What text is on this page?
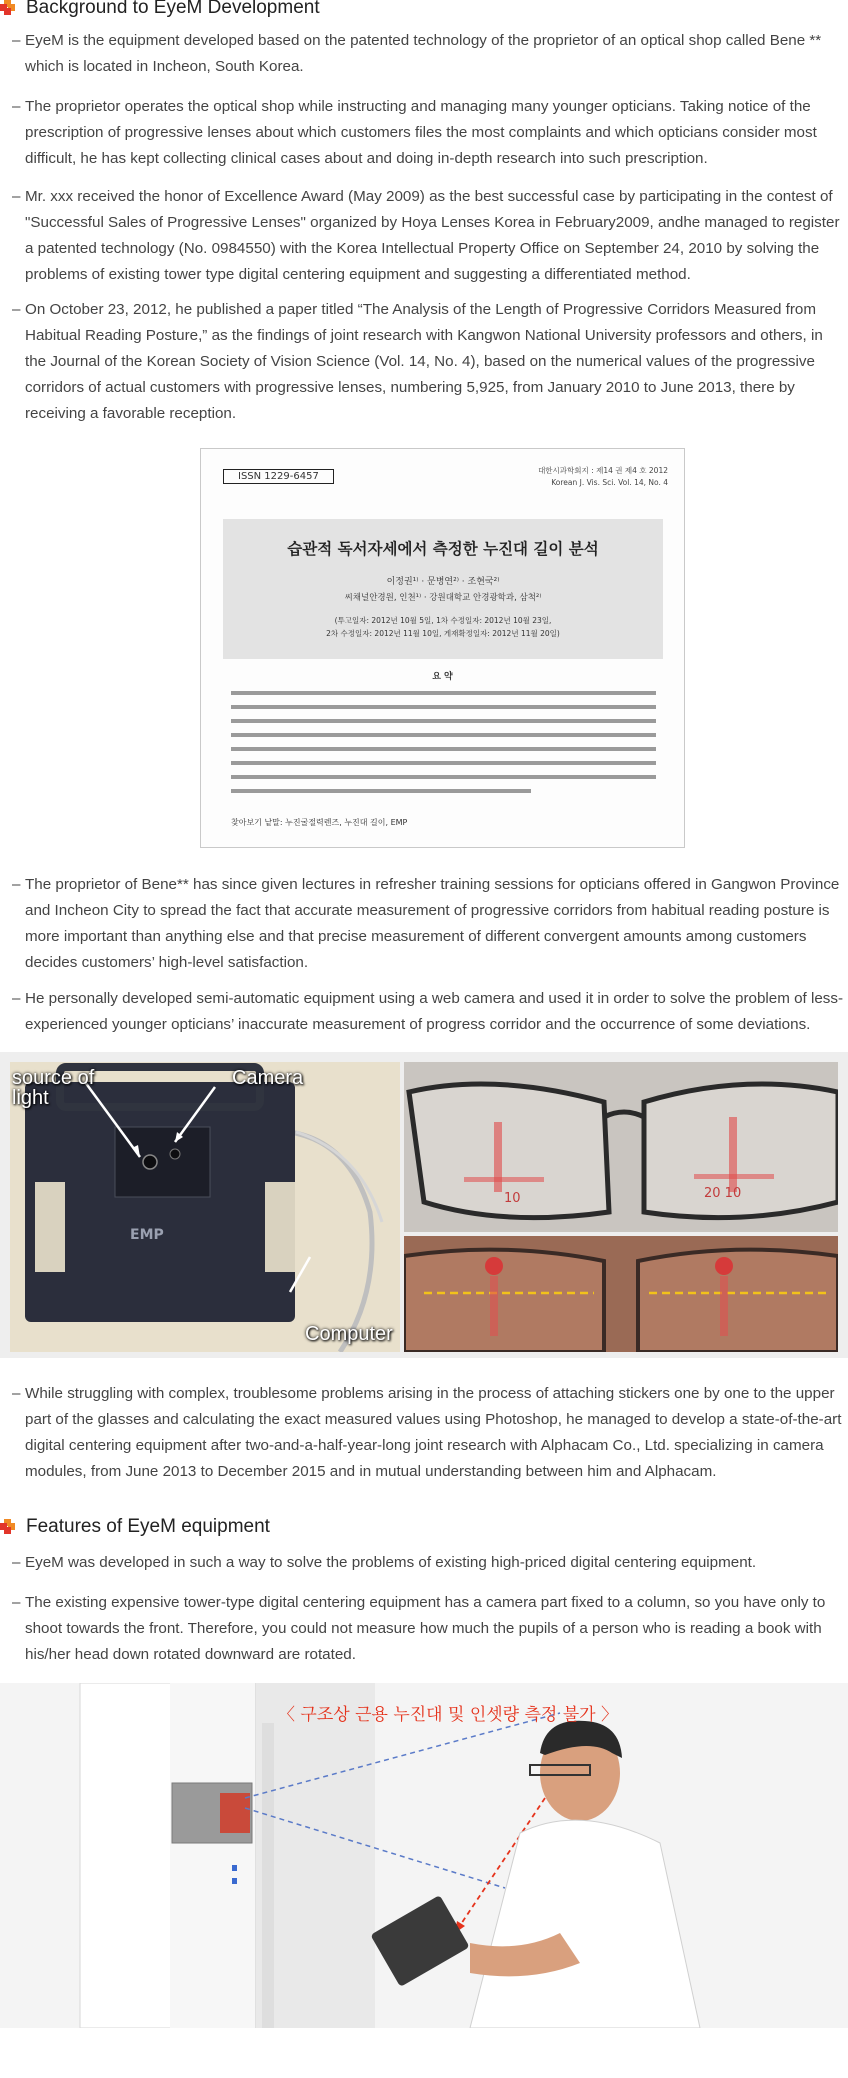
Background to EyeM Development
– EyeM is the equipment developed based on the patented technology of the proprietor of an optical shop called Bene ** which is located in Incheon, South Korea.
– The proprietor operates the optical shop while instructing and managing many younger opticians. Taking notice of the prescription of progressive lenses about which customers files the most complaints and which opticians consider most difficult, he has kept collecting clinical cases about and doing in-depth research into such prescription.
– Mr. xxx received the honor of Excellence Award (May 2009) as the best successful case by participating in the contest of "Successful Sales of Progressive Lenses" organized by Hoya Lenses Korea in February2009, andhe managed to register a patented technology (No. 0984550) with the Korea Intellectual Property Office on September 24, 2010 by solving the problems of existing tower type digital centering equipment and suggesting a differentiated method.
– On October 23, 2012, he published a paper titled “The Analysis of the Length of Progressive Corridors Measured from Habitual Reading Posture,” as the findings of joint research with Kangwon National University professors and others, in the Journal of the Korean Society of Vision Science (Vol. 14, No. 4), based on the numerical values of the progressive corridors of actual customers with progressive lenses, numbering 5,925, from January 2010 to June 2013, there by receiving a favorable reception.
ISSN 1229-6457
대한시과학회지 : 제14 권 제4 호 2012
Korean J. Vis. Sci. Vol. 14, No. 4
습관적 독서자세에서 측정한 누진대 길이 분석
이정권¹⁾ · 문병연²⁾ · 조현국²⁾
씨채널안경원, 인천¹⁾ · 강원대학교 안경광학과, 삼척²⁾
(투고일자: 2012년 10월 5일, 1차 수정일자: 2012년 10월 23일,
2차 수정일자: 2012년 11월 10일, 게재확정일자: 2012년 11월 20일)
요 약
찾아보기 낱말: 누진굴절력렌즈, 누진대 길이, EMP
– The proprietor of Bene** has since given lectures in refresher training sessions for opticians offered in Gangwon Province and Incheon City to spread the fact that accurate measurement of progressive corridors from habitual reading posture is more important than anything else and that precise measurement of different convergent amounts among customers decides customers’ high-level satisfaction.
– He personally developed semi-automatic equipment using a web camera and used it in order to solve the problem of less-experienced younger opticians’ inaccurate measurement of progress corridor and the occurrence of some deviations.
EMP
source of light
Camera
Computer
10	20 10
– While struggling with complex, troublesome problems arising in the process of attaching stickers one by one to the upper part of the glasses and calculating the exact measured values using Photoshop, he managed to develop a state-of-the-art digital centering equipment after two-and-a-half-year-long joint research with Alphacam Co., Ltd. specializing in camera modules, from June 2013 to December 2015 and in mutual understanding between him and Alphacam.
Features of EyeM equipment
– EyeM was developed in such a way to solve the problems of existing high-priced digital centering equipment.
– The existing expensive tower-type digital centering equipment has a camera part fixed to a column, so you have only to shoot towards the front. Therefore, you could not measure how much the pupils of a person who is reading a book with his/her head down rotated downward are rotated.
〈 구조상 근용 누진대 및 인셋량 측정 불가 〉
